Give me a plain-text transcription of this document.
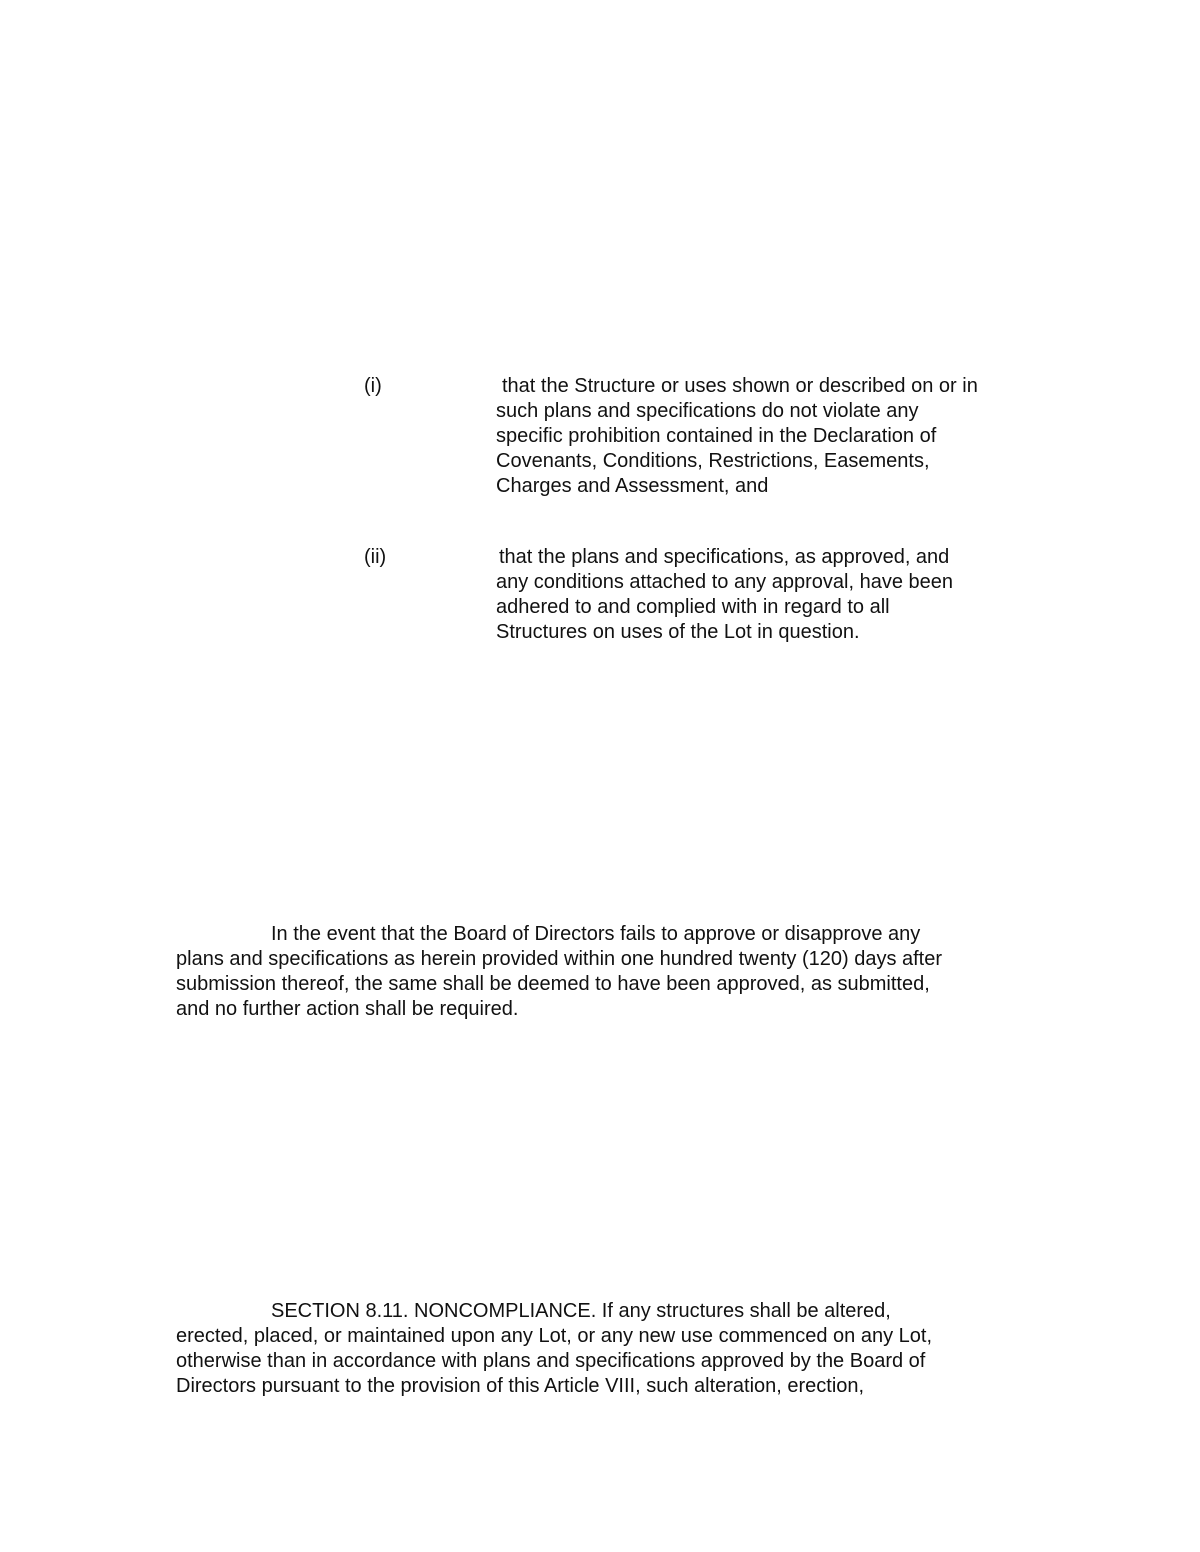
(i)	that the Structure or uses shown or described on or in
such plans and specifications do not violate any
specific prohibition contained in the Declaration of
Covenants, Conditions, Restrictions, Easements,
Charges and Assessment, and
(ii)	that the plans and specifications, as approved, and
any conditions attached to any approval, have been
adhered to and complied with in regard to all
Structures on uses of the Lot in question.
In the event that the Board of Directors fails to approve or disapprove any
plans and specifications as herein provided within one hundred twenty (120) days after
submission thereof, the same shall be deemed to have been approved, as submitted,
and no further action shall be required.
SECTION 8.11. NONCOMPLIANCE. If any structures shall be altered,
erected, placed, or maintained upon any Lot, or any new use commenced on any Lot,
otherwise than in accordance with plans and specifications approved by the Board of
Directors pursuant to the provision of this Article VIII, such alteration, erection,
